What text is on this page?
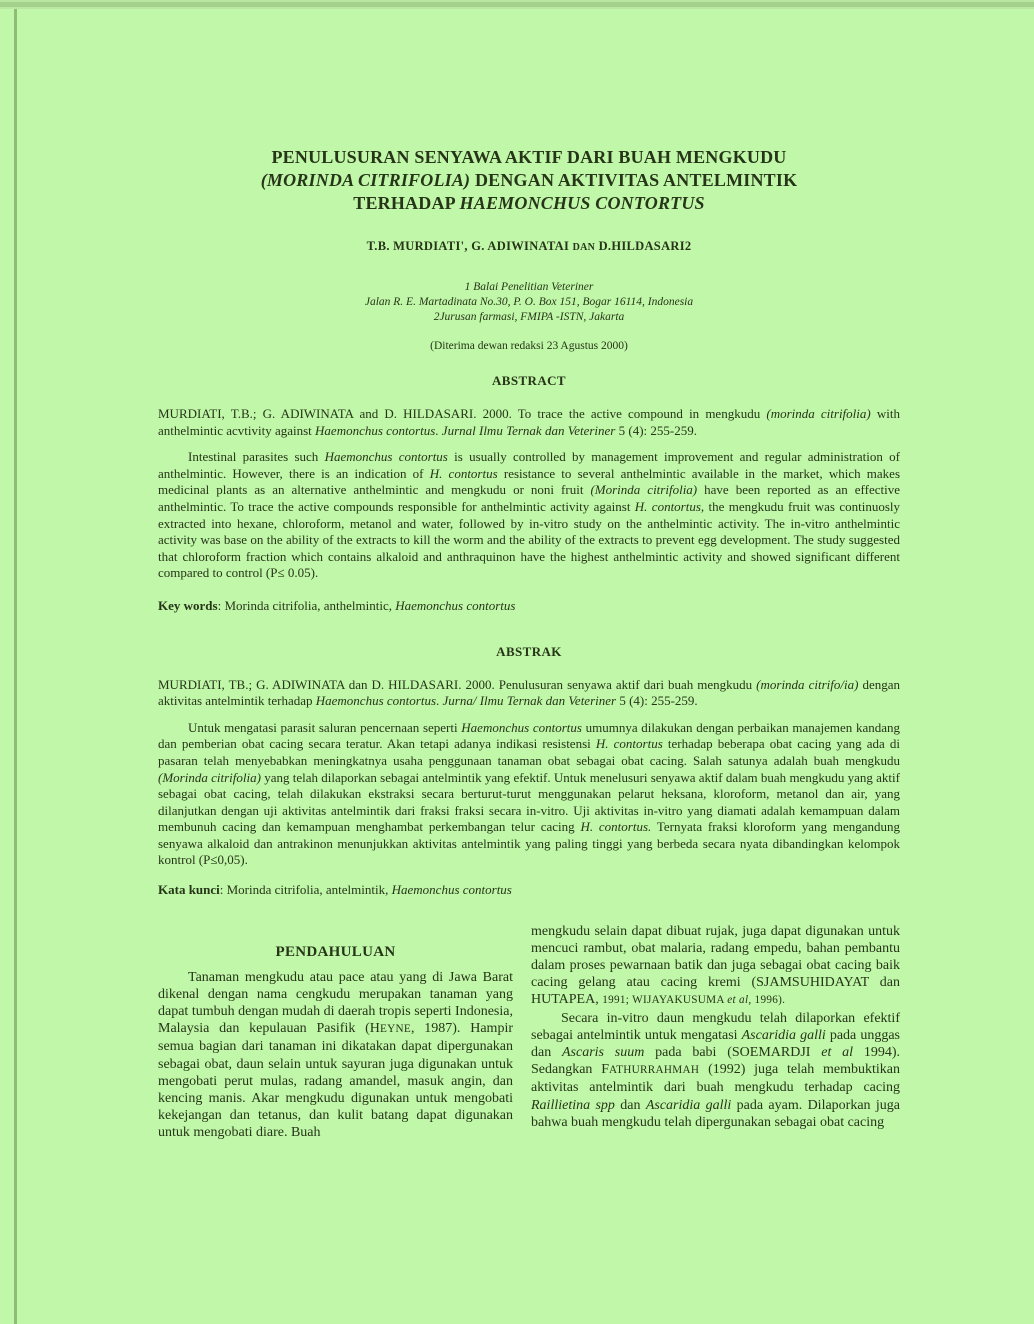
PENULUSURAN SENYAWA AKTIF DARI BUAH MENGKUDU
(MORINDA CITRIFOLIA) DENGAN AKTIVITAS ANTELMINTIK
TERHADAP HAEMONCHUS CONTORTUS
T.B. MURDIATI', G. ADIWINATAI DAN D.HILDASARI2
1 Balai Penelitian Veteriner
Jalan R. E. Martadinata No.30, P. O. Box 151, Bogar 16114, Indonesia
2Jurusan farmasi, FMIPA -ISTN, Jakarta
(Diterima dewan redaksi 23 Agustus 2000)
ABSTRACT

MURDIATI, T.B.; G. ADIWINATA and D. HILDASARI. 2000. To trace the active compound in mengkudu (morinda citrifolia) with anthelmintic acvtivity against Haemonchus contortus. Jurnal Ilmu Ternak dan Veteriner 5 (4): 255-259.

Intestinal parasites such Haemonchus contortus is usually controlled by management improvement and regular administration of anthelmintic. However, there is an indication of H. contortus resistance to several anthelmintic available in the market, which makes medicinal plants as an alternative anthelmintic and mengkudu or noni fruit (Morinda citrifolia) have been reported as an effective anthelmintic. To trace the active compounds responsible for anthelmintic activity against H. contortus, the mengkudu fruit was continuosly extracted into hexane, chloroform, metanol and water, followed by in-vitro study on the anthelmintic activity. The in-vitro anthelmintic activity was base on the ability of the extracts to kill the worm and the ability of the extracts to prevent egg development. The study suggested that chloroform fraction which contains alkaloid and anthraquinon have the highest anthelmintic activity and showed significant different compared to control (P≤ 0.05).

Key words: Morinda citrifolia, anthelmintic, Haemonchus contortus

ABSTRAK

MURDIATI, TB.; G. ADIWINATA dan D. HILDASARI. 2000. Penulusuran senyawa aktif dari buah mengkudu (morinda citrifo/ia) dengan aktivitas antelmintik terhadap Haemonchus contortus. Jurna/ Ilmu Ternak dan Veteriner 5 (4): 255-259.

Untuk mengatasi parasit saluran pencernaan seperti Haemonchus contortus umumnya dilakukan dengan perbaikan manajemen kandang dan pemberian obat cacing secara teratur. Akan tetapi adanya indikasi resistensi H. contortus terhadap beberapa obat cacing yang ada di pasaran telah menyebabkan meningkatnya usaha penggunaan tanaman obat sebagai obat cacing. Salah satunya adalah buah mengkudu (Morinda citrifolia) yang telah dilaporkan sebagai antelmintik yang efektif. Untuk menelusuri senyawa aktif dalam buah mengkudu yang aktif sebagai obat cacing, telah dilakukan ekstraksi secara berturut-turut menggunakan pelarut heksana, kloroform, metanol dan air, yang dilanjutkan dengan uji aktivitas antelmintik dari fraksi fraksi secara in-vitro. Uji aktivitas in-vitro yang diamati adalah kemampuan dalam membunuh cacing dan kemampuan menghambat perkembangan telur cacing H. contortus. Ternyata fraksi kloroform yang mengandung senyawa alkaloid dan antrakinon menunjukkan aktivitas antelmintik yang paling tinggi yang berbeda secara nyata dibandingkan kelompok kontrol (P≤0,05).

Kata kunci: Morinda citrifolia, antelmintik, Haemonchus contortus

PENDAHULUAN

Tanaman mengkudu atau pace atau yang di Jawa Barat dikenal dengan nama cengkudu merupakan tanaman yang dapat tumbuh dengan mudah di daerah tropis seperti Indonesia, Malaysia dan kepulauan Pasifik (HEYNE, 1987). Hampir semua bagian dari tanaman ini dikatakan dapat dipergunakan sebagai obat, daun selain untuk sayuran juga digunakan untuk mengobati perut mulas, radang amandel, masuk angin, dan kencing manis. Akar mengkudu digunakan untuk mengobati kekejangan dan tetanus, dan kulit batang dapat digunakan untuk mengobati diare. Buah

mengkudu selain dapat dibuat rujak, juga dapat digunakan untuk mencuci rambut, obat malaria, radang empedu, bahan pembantu dalam proses pewarnaan batik dan juga sebagai obat cacing baik cacing gelang atau cacing kremi (SJAMSUHIDAYAT dan HUTAPEA, 1991; WIJAYAKUSUMA et al, 1996).

Secara in-vitro daun mengkudu telah dilaporkan efektif sebagai antelmintik untuk mengatasi Ascaridia galli pada unggas dan Ascaris suum pada babi (SOEMARDJI et al 1994). Sedangkan FATHURRAHMAH (1992) juga telah membuktikan aktivitas antelmintik dari buah mengkudu terhadap cacing Raillietina spp dan Ascaridia galli pada ayam. Dilaporkan juga bahwa buah mengkudu telah dipergunakan sebagai obat cacing
